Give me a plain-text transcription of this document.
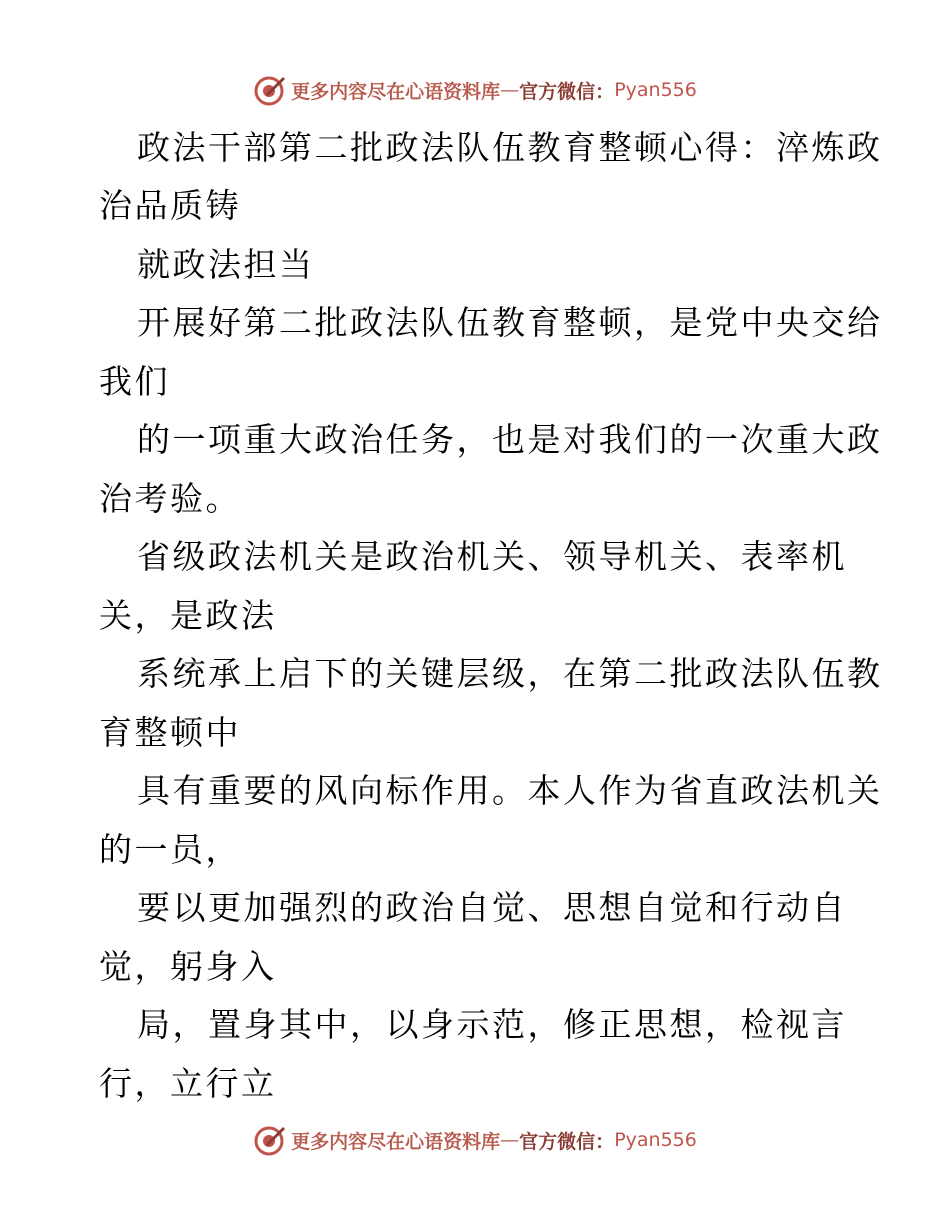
更多内容尽在心语资料库 — 官方微信： Pyan556
政法干部第二批政法队伍教育整顿心得：淬炼政
治品质铸
就政法担当
开展好第二批政法队伍教育整顿，是党中央交给
我们
的一项重大政治任务，也是对我们的一次重大政
治考验。
省级政法机关是政治机关、领导机关、表率机
关，是政法
系统承上启下的关键层级，在第二批政法队伍教
育整顿中
具有重要的风向标作用。本人作为省直政法机关
的一员，
要以更加强烈的政治自觉、思想自觉和行动自
觉，躬身入
局，置身其中，以身示范，修正思想，检视言
行，立行立
更多内容尽在心语资料库 — 官方微信： Pyan556
